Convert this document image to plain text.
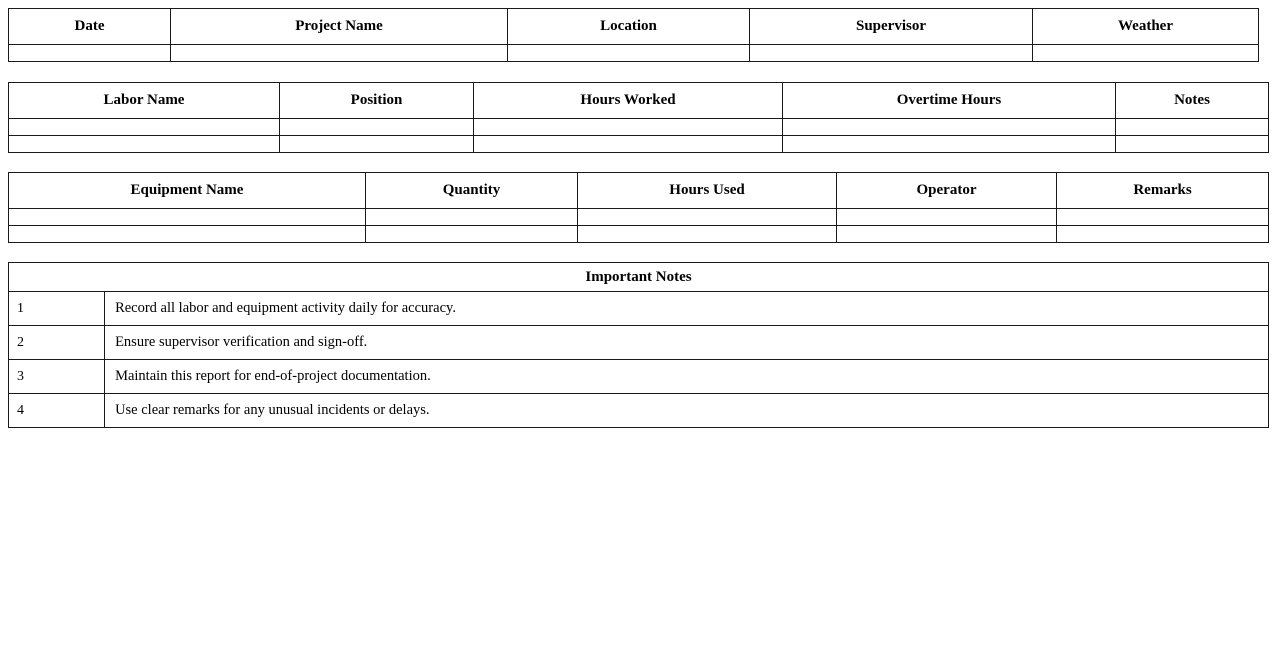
Date	Project Name	Location	Supervisor	Weather

Labor Name	Position	Hours Worked	Overtime Hours	Notes

Equipment Name	Quantity	Hours Used	Operator	Remarks

Important Notes	
1	Record all labor and equipment activity daily for accuracy.
2	Ensure supervisor verification and sign-off.
3	Maintain this report for end-of-project documentation.
4	Use clear remarks for any unusual incidents or delays.
